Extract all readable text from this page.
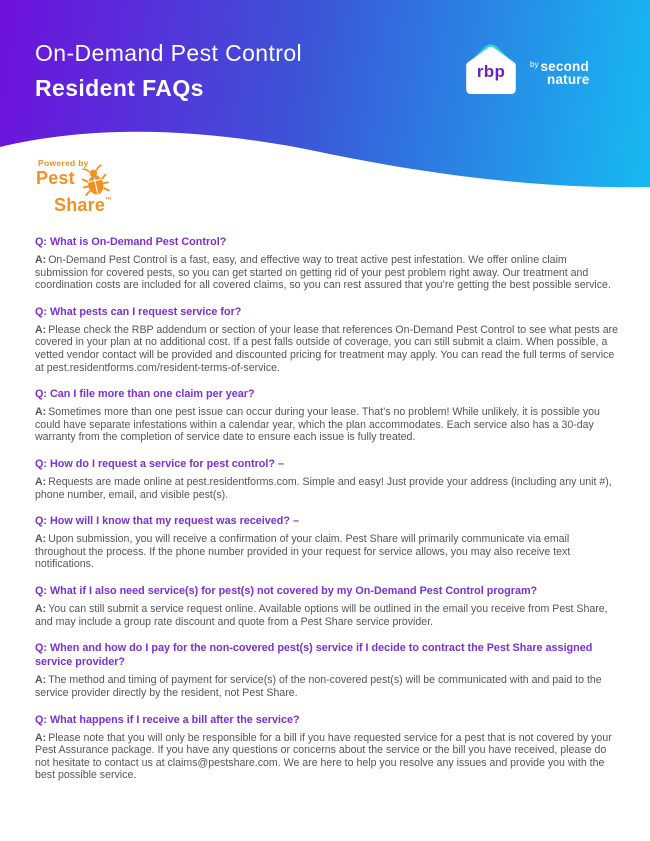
On-Demand Pest Control
Resident FAQs
rbp	$^{by}$ second
nature
Powered by
Pest
Share™
Q: What is On-Demand Pest Control?

A: On-Demand Pest Control is a fast, easy, and effective way to treat active pest infestation. We offer online claim submission for covered pests, so you can get started on getting rid of your pest problem right away. Our treatment and coordination costs are included for all covered claims, so you can rest assured that you’re getting the best possible service.

Q: What pests can I request service for?

A: Please check the RBP addendum or section of your lease that references On-Demand Pest Control to see what pests are covered in your plan at no additional cost. If a pest falls outside of coverage, you can still submit a claim. When possible, a vetted vendor contact will be provided and discounted pricing for treatment may apply. You can read the full terms of service at pest.residentforms.com/resident-terms-of-service.

Q: Can I file more than one claim per year?

A: Sometimes more than one pest issue can occur during your lease. That’s no problem! While unlikely, it is possible you could have separate infestations within a calendar year, which the plan accommodates. Each service also has a 30-day warranty from the completion of service date to ensure each issue is fully treated.

Q: How do I request a service for pest control? –

A: Requests are made online at pest.residentforms.com. Simple and easy! Just provide your address (including any unit #), phone number, email, and visible pest(s).

Q: How will I know that my request was received? –

A: Upon submission, you will receive a confirmation of your claim. Pest Share will primarily communicate via email throughout the process. If the phone number provided in your request for service allows, you may also receive text notifications.

Q: What if I also need service(s) for pest(s) not covered by my On-Demand Pest Control program?

A: You can still submit a service request online. Available options will be outlined in the email you receive from Pest Share, and may include a group rate discount and quote from a Pest Share service provider.

Q: When and how do I pay for the non-covered pest(s) service if I decide to contract the Pest Share assigned service provider?

A: The method and timing of payment for service(s) of the non-covered pest(s) will be communicated with and paid to the service provider directly by the resident, not Pest Share.

Q: What happens if I receive a bill after the service?

A: Please note that you will only be responsible for a bill if you have requested service for a pest that is not covered by your Pest Assurance package. If you have any questions or concerns about the service or the bill you have received, please do not hesitate to contact us at claims@pestshare.com. We are here to help you resolve any issues and provide you with the best possible service.
